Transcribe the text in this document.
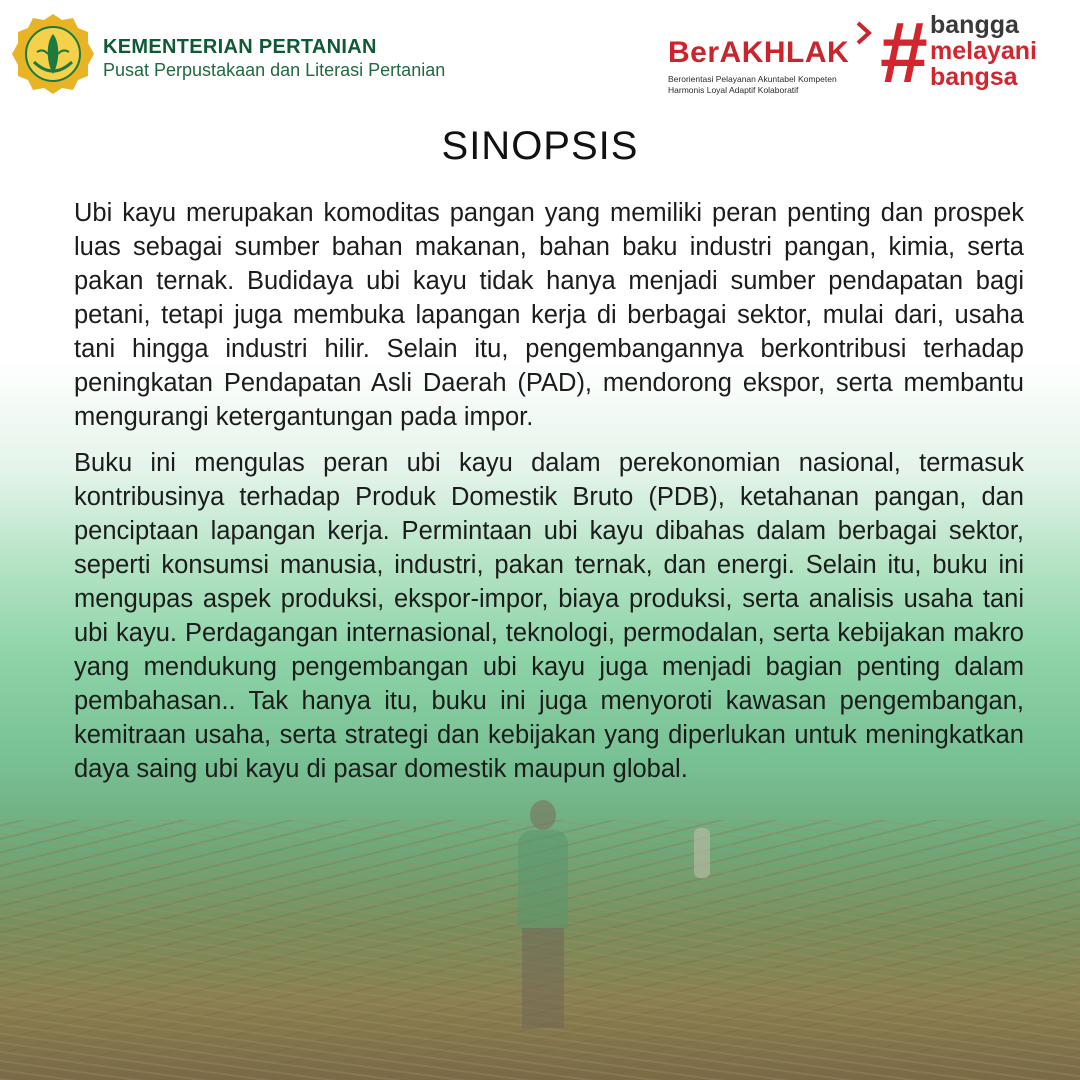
KEMENTERIAN PERTANIAN
Pusat Perpustakaan dan Literasi Pertanian
BerAKHLAK
Berorientasi Pelayanan Akuntabel Kompeten
Harmonis Loyal Adaptif Kolaboratif # bangga
melayani
bangsa
SINOPSIS

Ubi kayu merupakan komoditas pangan yang memiliki peran penting dan prospek luas sebagai sumber bahan makanan, bahan baku industri pangan, kimia, serta pakan ternak. Budidaya ubi kayu tidak hanya menjadi sumber pendapatan bagi petani, tetapi juga membuka lapangan kerja di berbagai sektor, mulai dari, usaha tani hingga industri hilir. Selain itu, pengembangannya berkontribusi terhadap peningkatan Pendapatan Asli Daerah (PAD), mendorong ekspor, serta membantu mengurangi ketergantungan pada impor.

Buku ini mengulas peran ubi kayu dalam perekonomian nasional, termasuk kontribusinya terhadap Produk Domestik Bruto (PDB), ketahanan pangan, dan penciptaan lapangan kerja. Permintaan ubi kayu dibahas dalam berbagai sektor, seperti konsumsi manusia, industri, pakan ternak, dan energi. Selain itu, buku ini mengupas aspek produksi, ekspor-impor, biaya produksi, serta analisis usaha tani ubi kayu. Perdagangan internasional, teknologi, permodalan, serta kebijakan makro yang mendukung pengembangan ubi kayu juga menjadi bagian penting dalam pembahasan.. Tak hanya itu, buku ini juga menyoroti kawasan pengembangan, kemitraan usaha, serta strategi dan kebijakan yang diperlukan untuk meningkatkan daya saing ubi kayu di pasar domestik maupun global.
